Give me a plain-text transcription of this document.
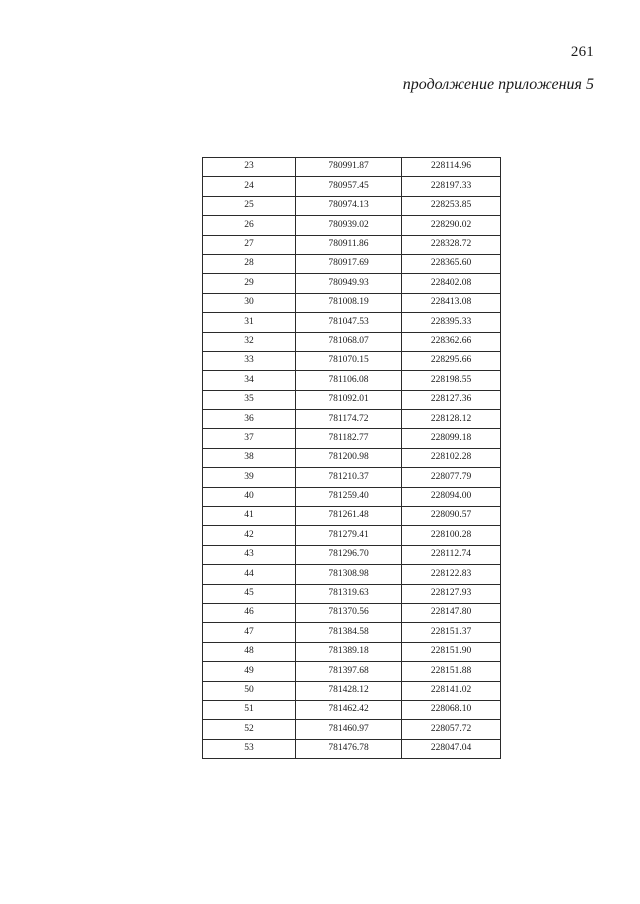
261
продолжение приложения 5
23	780991.87	228114.96
24	780957.45	228197.33
25	780974.13	228253.85
26	780939.02	228290.02
27	780911.86	228328.72
28	780917.69	228365.60
29	780949.93	228402.08
30	781008.19	228413.08
31	781047.53	228395.33
32	781068.07	228362.66
33	781070.15	228295.66
34	781106.08	228198.55
35	781092.01	228127.36
36	781174.72	228128.12
37	781182.77	228099.18
38	781200.98	228102.28
39	781210.37	228077.79
40	781259.40	228094.00
41	781261.48	228090.57
42	781279.41	228100.28
43	781296.70	228112.74
44	781308.98	228122.83
45	781319.63	228127.93
46	781370.56	228147.80
47	781384.58	228151.37
48	781389.18	228151.90
49	781397.68	228151.88
50	781428.12	228141.02
51	781462.42	228068.10
52	781460.97	228057.72
53	781476.78	228047.04
